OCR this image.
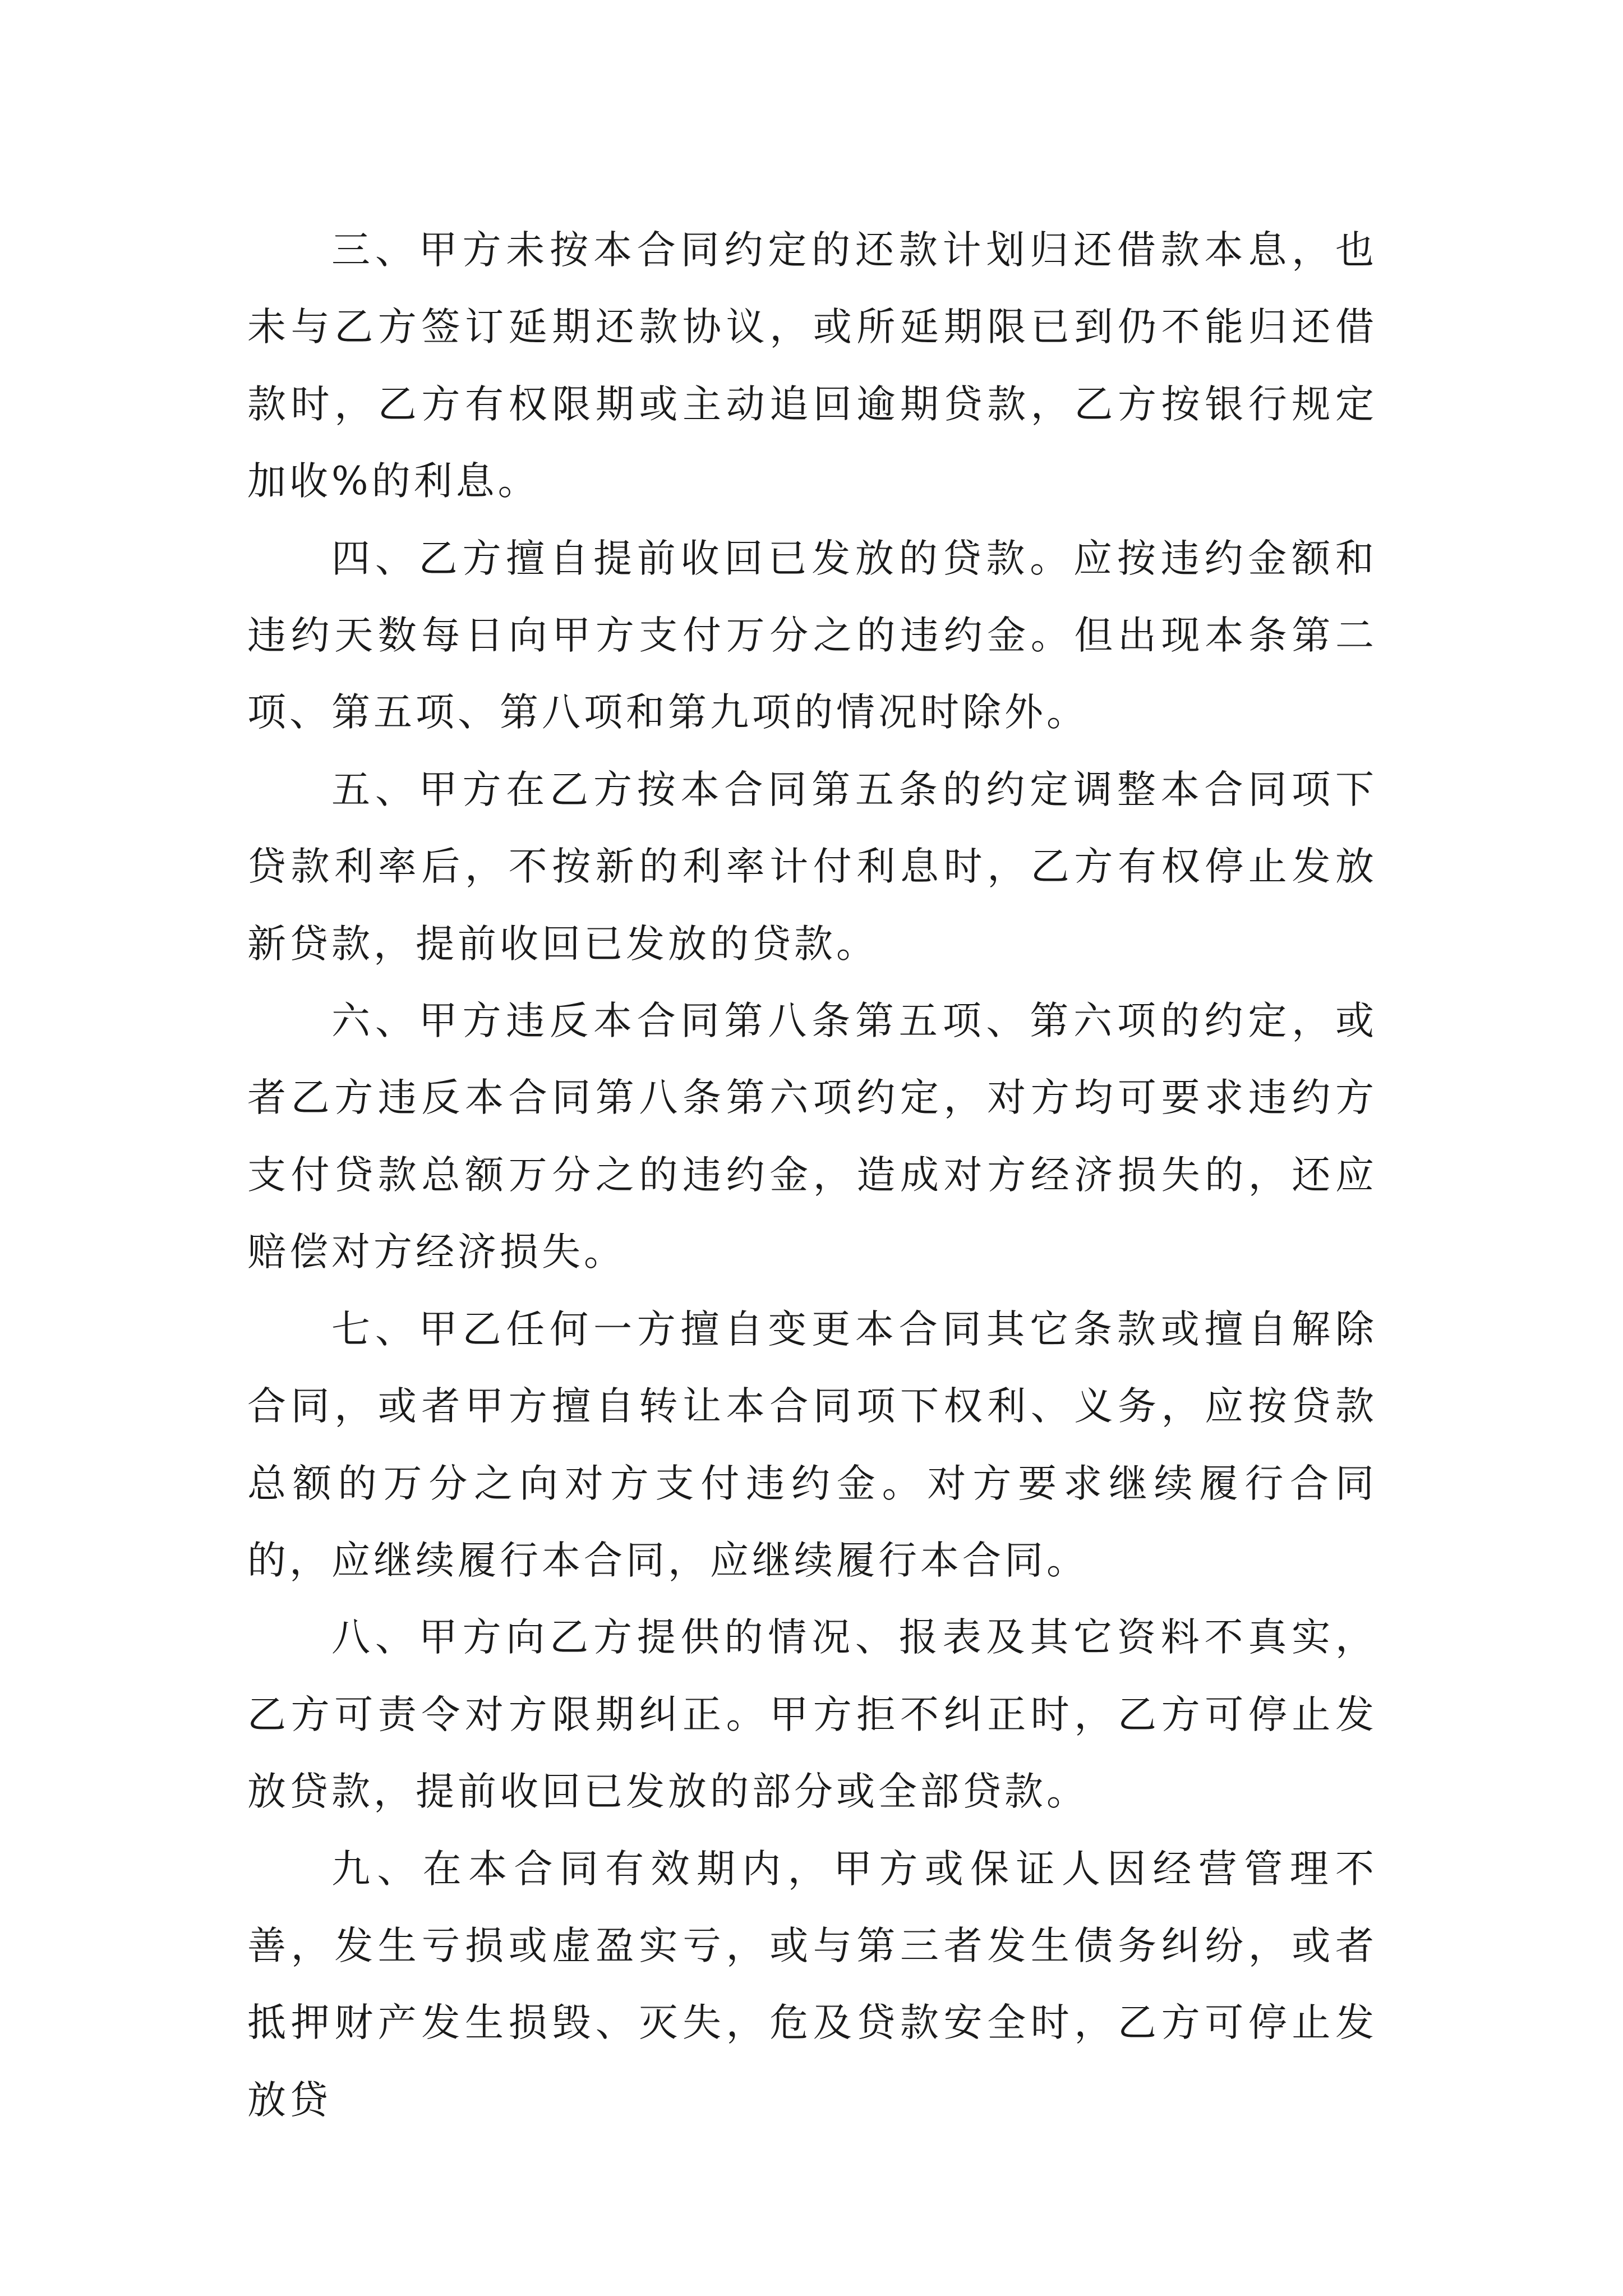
三、甲方未按本合同约定的还款计划归还借款本息，也未与乙方签订延期还款协议，或所延期限已到仍不能归还借款时，乙方有权限期或主动追回逾期贷款，乙方按银行规定加收%的利息。

四、乙方擅自提前收回已发放的贷款。应按违约金额和违约天数每日向甲方支付万分之的违约金。但出现本条第二项、第五项、第八项和第九项的情况时除外。

五、甲方在乙方按本合同第五条的约定调整本合同项下贷款利率后，不按新的利率计付利息时，乙方有权停止发放新贷款，提前收回已发放的贷款。

六、甲方违反本合同第八条第五项、第六项的约定，或者乙方违反本合同第八条第六项约定，对方均可要求违约方支付贷款总额万分之的违约金，造成对方经济损失的，还应赔偿对方经济损失。

七、甲乙任何一方擅自变更本合同其它条款或擅自解除合同，或者甲方擅自转让本合同项下权利、义务，应按贷款总额的万分之向对方支付违约金。对方要求继续履行合同的，应继续履行本合同，应继续履行本合同。

八、甲方向乙方提供的情况、报表及其它资料不真实，乙方可责令对方限期纠正。甲方拒不纠正时，乙方可停止发放贷款，提前收回已发放的部分或全部贷款。

九、在本合同有效期内，甲方或保证人因经营管理不善，发生亏损或虚盈实亏，或与第三者发生债务纠纷，或者抵押财产发生损毁、灭失，危及贷款安全时，乙方可停止发放贷
